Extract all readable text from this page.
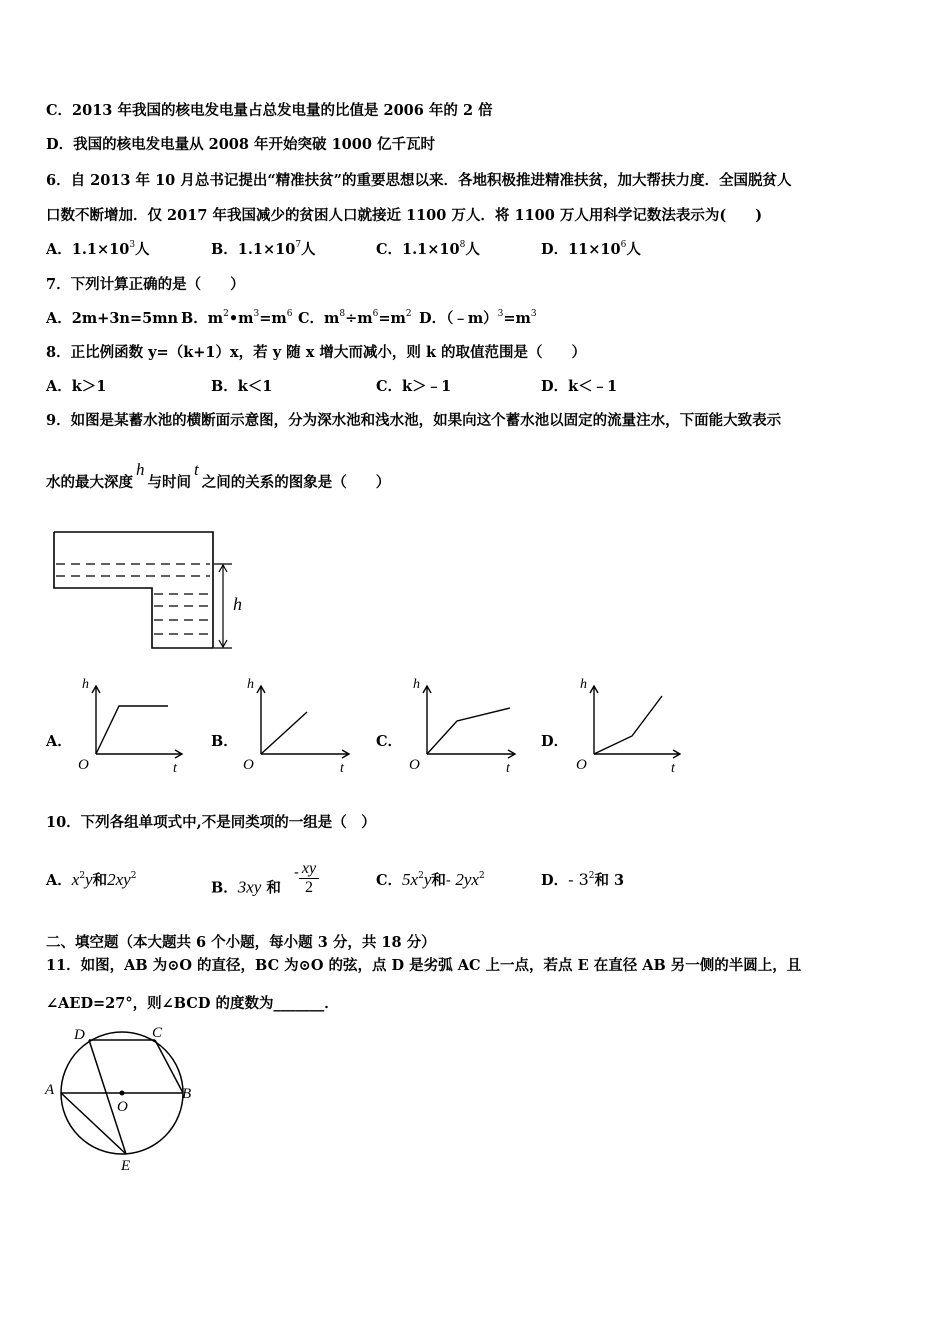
C．2013 年我国的核电发电量占总发电量的比值是 2006 年的 2 倍
D．我国的核电发电量从 2008 年开始突破 1000 亿千瓦时
6．自 2013 年 10 月总书记提出“精准扶贫”的重要思想以来．各地积极推进精准扶贫，加大帮扶力度．全国脱贫人
口数不断增加．仅 2017 年我国减少的贫困人口就接近 1100 万人．将 1100 万人用科学记数法表示为(　　)
A．$1.1\times 10^3$人	B．$1.1\times 10^7$人	C．$1.1\times 10^8$人	D．$11\times 10^6$人
7．下列计算正确的是（　　）
A．2m+3n=5mn B．$m^2•m^3=m^6$ C．$m^8\div m^6=m^2$ D．$(﹣m)^3=m^3$
8．正比例函数 y=（k+1）x，若 y 随 x 增大而减小，则 k 的取值范围是（　　）
A．k＞1	B．k＜1	C．k＞﹣1	D．k＜﹣1
9．如图是某蓄水池的横断面示意图，分为深水池和浅水池，如果向这个蓄水池以固定的流量注水，下面能大致表示
水的最大深度h与时间t之间的关系的图象是（　　）
h
A．	B．	C．	D．
h
O	t
h
O	t
h
O	t
h
O	t
10．下列各组单项式中,不是同类项的一组是（　）
A．$x^2y$和$2xy^2$
B．3xy 和 - $\frac{xy}{2}$	C．$5x^2y$和- $2yx^2$	D．- $3^2$和 3
二、填空题（本大题共 6 个小题，每小题 3 分，共 18 分）
11．如图，AB 为⊙O 的直径，BC 为⊙O 的弦，点 D 是劣弧 AC 上一点，若点 E 在直径 AB 另一侧的半圆上，且
∠AED=27°，则∠BCD 的度数为_______．
D	C
A
O
B
E
